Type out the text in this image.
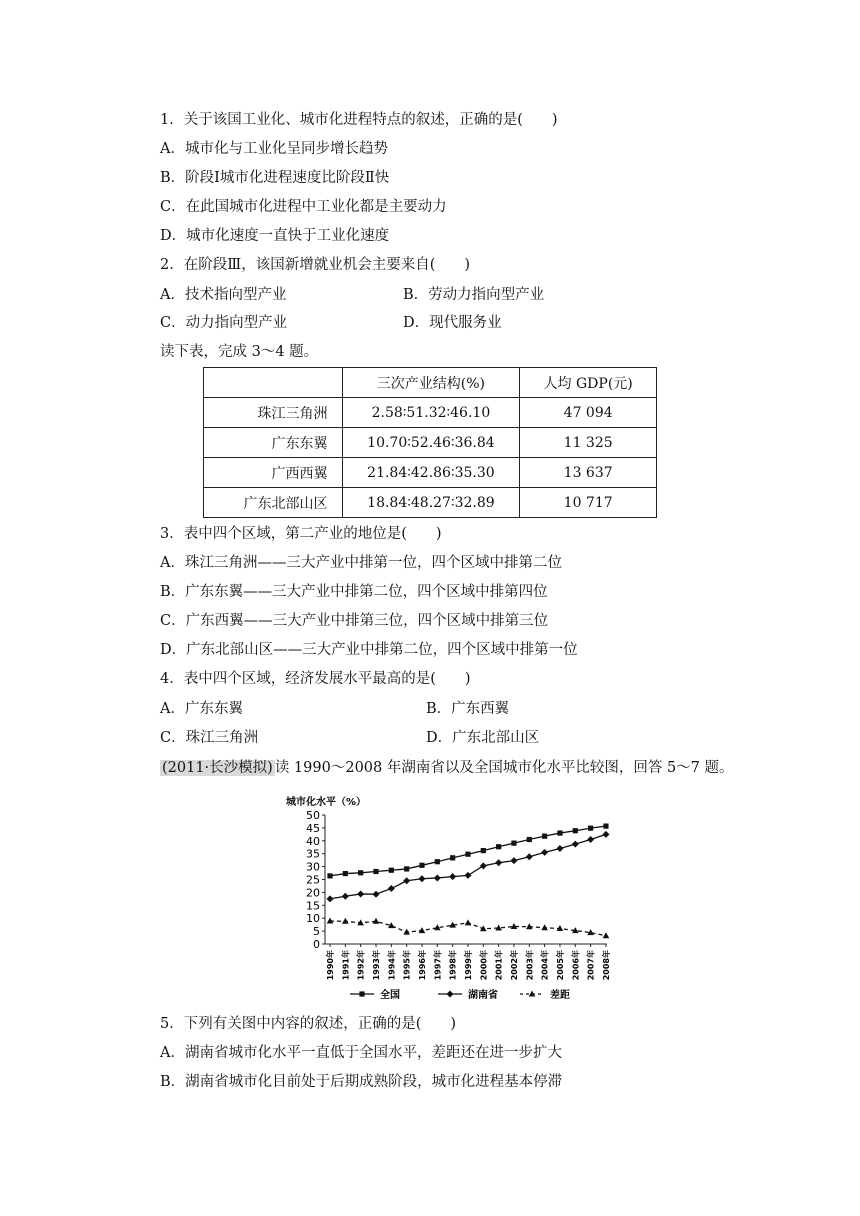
1．关于该国工业化、城市化进程特点的叙述，正确的是(　　)
A．城市化与工业化呈同步增长趋势
B．阶段Ⅰ城市化进程速度比阶段Ⅱ快
C．在此国城市化进程中工业化都是主要动力
D．城市化速度一直快于工业化速度
2．在阶段Ⅲ，该国新增就业机会主要来自(　　)
A．技术指向型产业	B．劳动力指向型产业
C．动力指向型产业	D．现代服务业
读下表，完成 3～4 题。
	三次产业结构(%)	人均 GDP(元)
珠江三角洲	2.58∶51.32∶46.10	47 094
广东东翼	10.70∶52.46∶36.84	11 325
广西西翼	21.84∶42.86∶35.30	13 637
广东北部山区	18.84∶48.27∶32.89	10 717
3．表中四个区域，第二产业的地位是(　　)
A．珠江三角洲——三大产业中排第一位，四个区域中排第二位
B．广东东翼——三大产业中排第二位，四个区域中排第四位
C．广东西翼——三大产业中排第三位，四个区域中排第三位
D．广东北部山区——三大产业中排第二位，四个区域中排第一位
4．表中四个区域，经济发展水平最高的是(　　)
A．广东东翼	B．广东西翼
C．珠江三角洲	D．广东北部山区
(2011·长沙模拟) 读 1990～2008 年湖南省以及全国城市化水平比较图，回答 5～7 题。
城市化水平（%）
0
5
10
15
20
25
30
35
40
45
50
1990年 1991年 1992年 1993年 1994年 1995年 1996年 1997年 1998年 1999年 2000年 2001年 2002年 2003年 2004年 2005年 2006年 2007年 2008年
全国	湖南省	差距
5．下列有关图中内容的叙述，正确的是(　　)
A．湖南省城市化水平一直低于全国水平，差距还在进一步扩大
B．湖南省城市化目前处于后期成熟阶段，城市化进程基本停滞
